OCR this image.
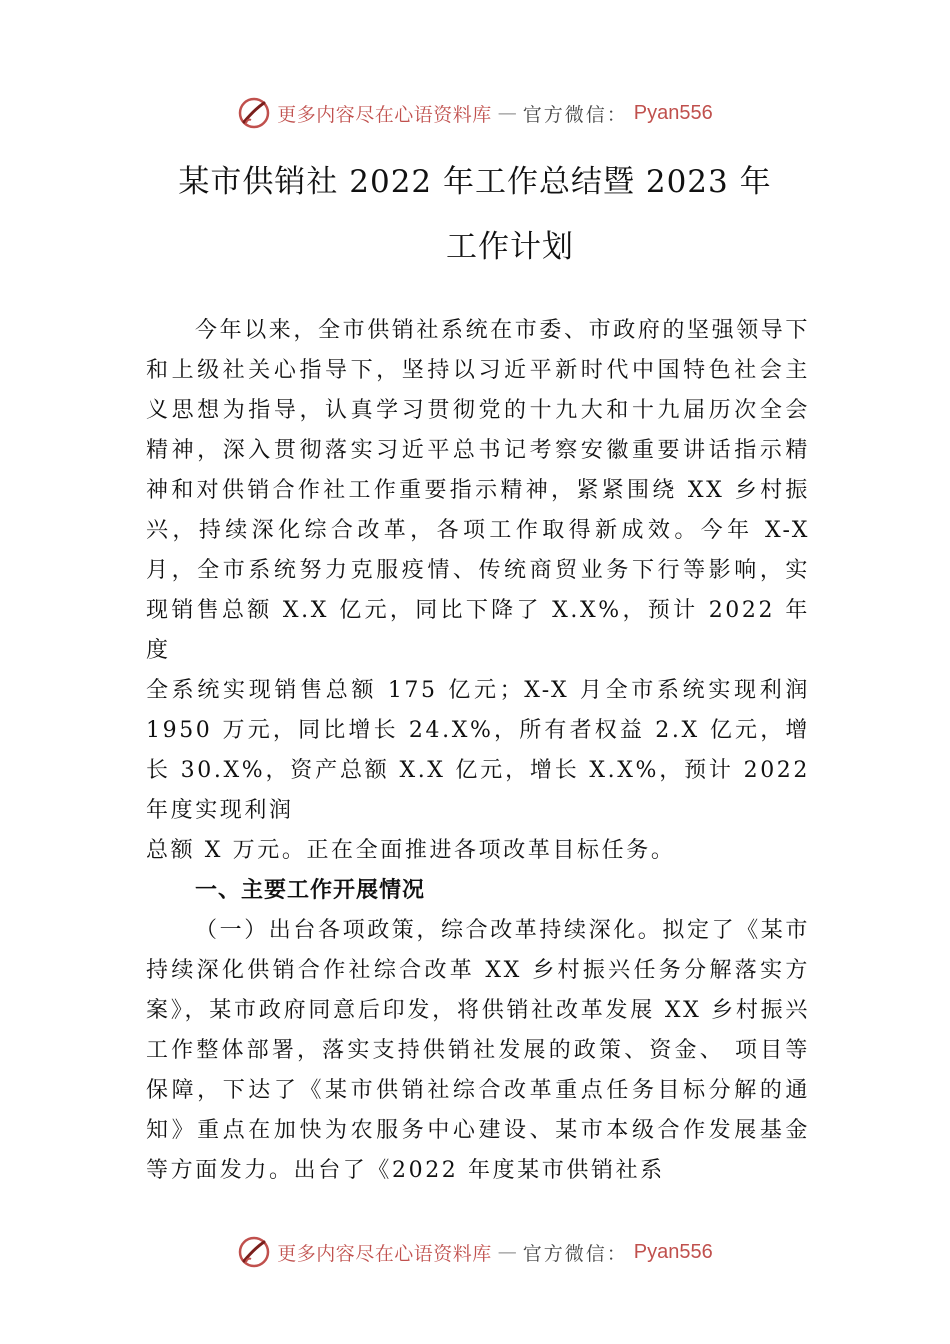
更多内容尽在心语资料库 — 官方微信： Pyan556
某市供销社 2022 年工作总结暨 2023 年
工作计划

今年以来，全市供销社系统在市委、市政府的坚强领导下和上级社关心指导下，坚持以习近平新时代中国特色社会主义思想为指导，认真学习贯彻党的十九大和十九届历次全会精神，深入贯彻落实习近平总书记考察安徽重要讲话指示精神和对供销合作社工作重要指示精神，紧紧围绕 XX 乡村振兴，持续深化综合改革，各项工作取得新成效。今年 X-X 月，全市系统努力克服疫情、传统商贸业务下行等影响，实现销售总额 X.X 亿元，同比下降了 X.X%，预计 2022 年度

全系统实现销售总额 175 亿元；X-X 月全市系统实现利润 1950 万元，同比增长 24.X%，所有者权益 2.X 亿元，增长 30.X%，资产总额 X.X 亿元，增长 X.X%，预计 2022 年度实现利润

总额 X 万元。正在全面推进各项改革目标任务。

一、主要工作开展情况

（一）出台各项政策，综合改革持续深化。拟定了《某市持续深化供销合作社综合改革 XX 乡村振兴任务分解落实方案》，某市政府同意后印发，将供销社改革发展 XX 乡村振兴工作整体部署，落实支持供销社发展的政策、资金、 项目等保障，下达了《某市供销社综合改革重点任务目标分解的通知》重点在加快为农服务中心建设、某市本级合作发展基金等方面发力。出台了《2022 年度某市供销社系

更多内容尽在心语资料库 — 官方微信： Pyan556
